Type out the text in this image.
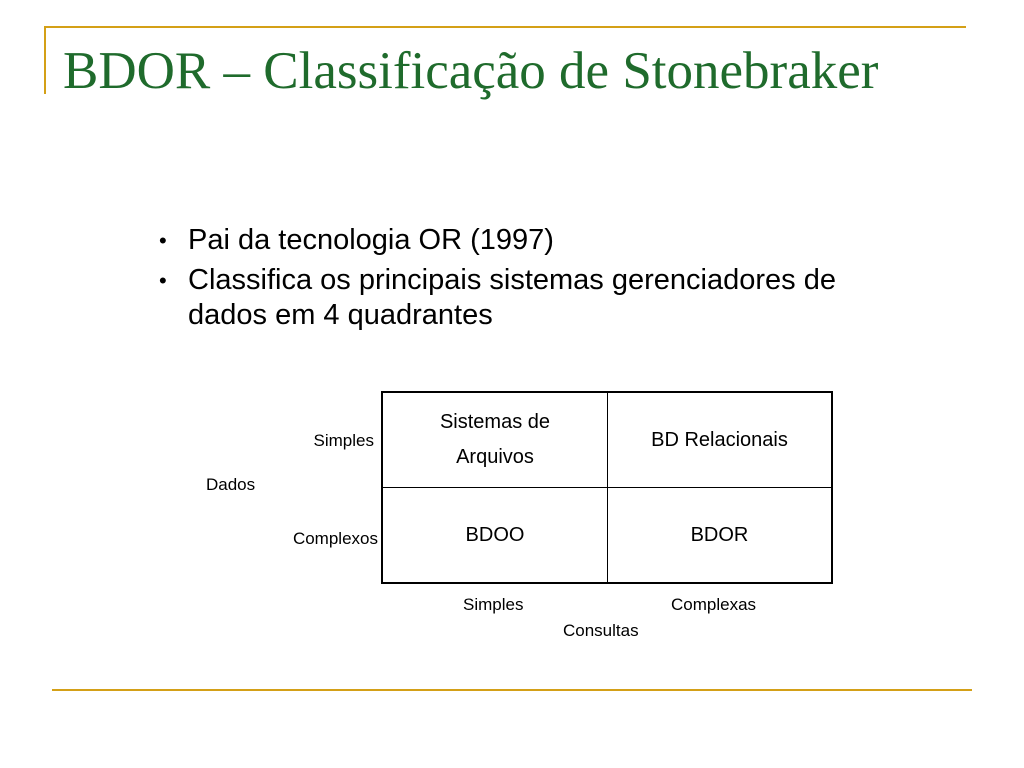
BDOR – Classificação de Stonebraker
• Pai da tecnologia OR (1997)
• Classifica os principais sistemas gerenciadores de dados em 4 quadrantes
Simples
Dados
Complexos
Sistemas de Arquivos
BD Relacionais
BDOO	BDOR
Simples	Complexas
Consultas
